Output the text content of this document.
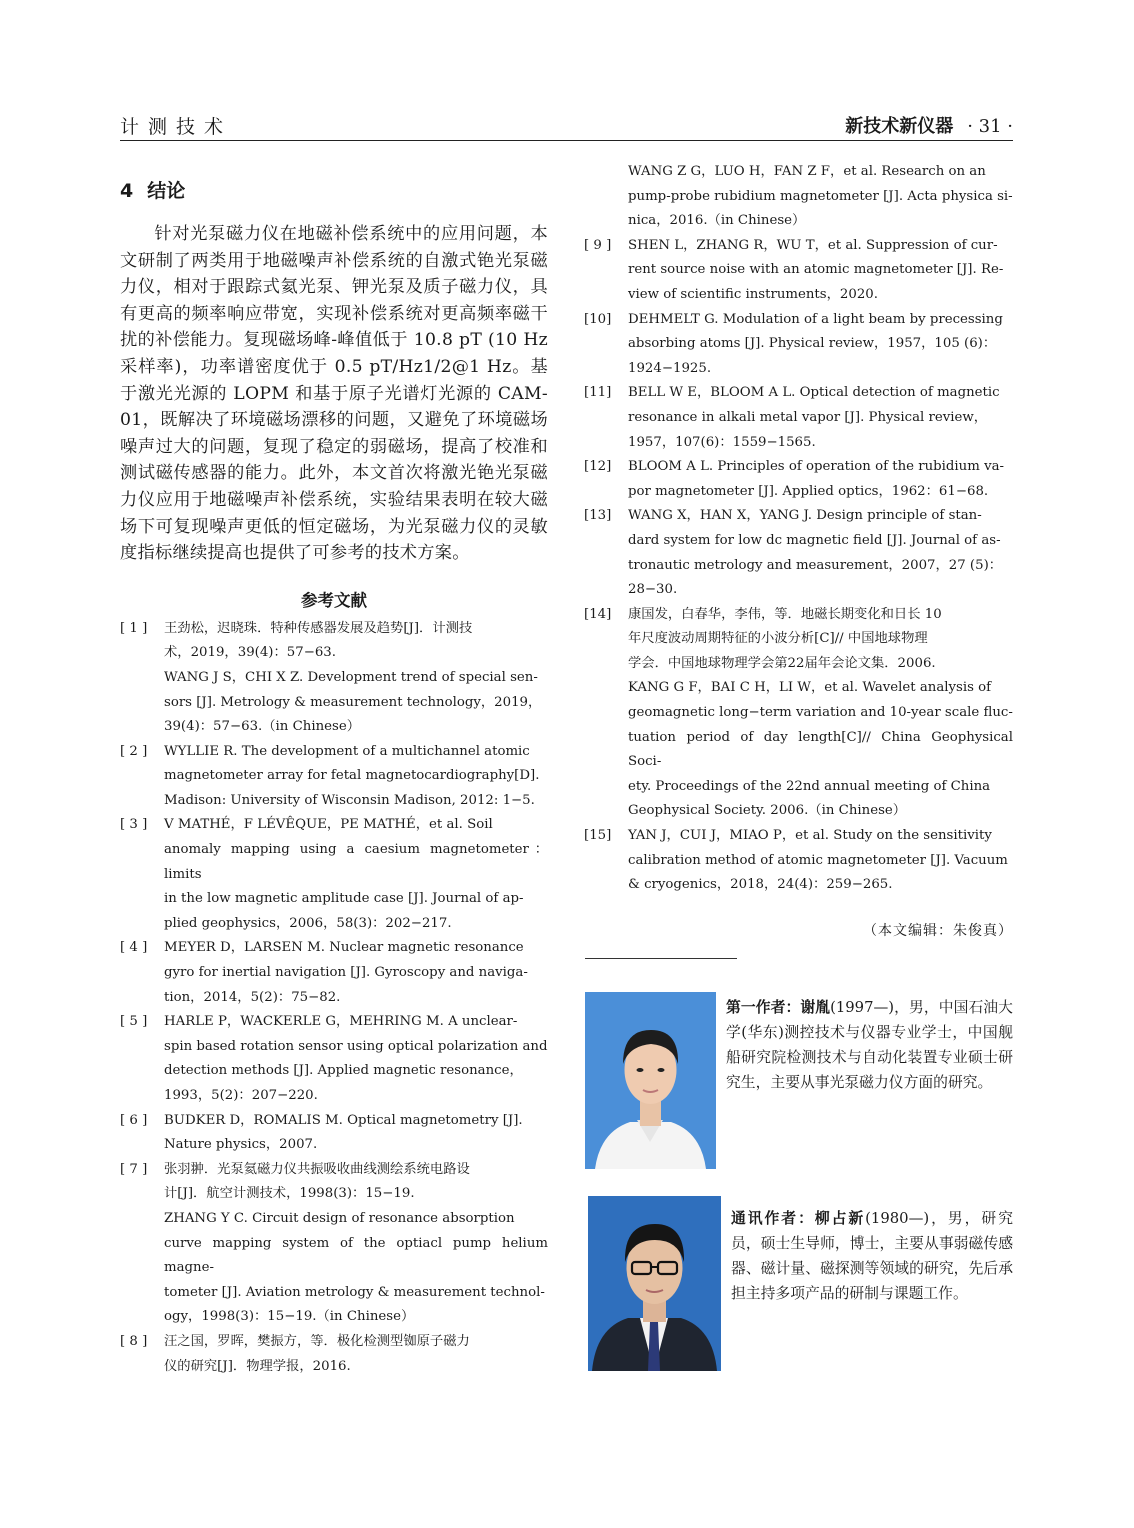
计测技术	新技术新仪器 · 31 ·
4 结论

针对光泵磁力仪在地磁补偿系统中的应用问题，本文研制了两类用于地磁噪声补偿系统的自激式铯光泵磁力仪，相对于跟踪式氦光泵、钾光泵及质子磁力仪，具有更高的频率响应带宽，实现补偿系统对更高频率磁干扰的补偿能力。复现磁场峰-峰值低于 10.8 pT (10 Hz 采样率)，功率谱密度优于 0.5 pT/Hz1/2@1 Hz。基于激光光源的 LOPM 和基于原子光谱灯光源的 CAM-01，既解决了环境磁场漂移的问题，又避免了环境磁场噪声过大的问题，复现了稳定的弱磁场，提高了校准和测试磁传感器的能力。此外，本文首次将激光铯光泵磁力仪应用于地磁噪声补偿系统，实验结果表明在较大磁场下可复现噪声更低的恒定磁场，为光泵磁力仪的灵敏度指标继续提高也提供了可参考的技术方案。

参考文献
[ 1 ] 王劲松，迟晓珠．特种传感器发展及趋势[J]．计测技
术，2019，39(4)：57−63.
WANG J S，CHI X Z. Development trend of special sen-
sors [J]. Metrology & measurement technology，2019，
39(4)：57−63.（in Chinese）
[ 2 ] WYLLIE R. The development of a multichannel atomic
magnetometer array for fetal magnetocardiography[D].
Madison: University of Wisconsin Madison, 2012: 1−5.
[ 3 ] V MATHÉ，F LÉVÊQUE，PE MATHÉ，et al. Soil
anomaly mapping using a caesium magnetometer：limits
in the low magnetic amplitude case [J]. Journal of ap-
plied geophysics，2006，58(3)：202−217.
[ 4 ] MEYER D，LARSEN M. Nuclear magnetic resonance
gyro for inertial navigation [J]. Gyroscopy and naviga-
tion，2014，5(2)：75−82.
[ 5 ] HARLE P，WACKERLE G，MEHRING M. A unclear-
spin based rotation sensor using optical polarization and
detection methods [J]. Applied magnetic resonance，
1993，5(2)：207−220.
[ 6 ] BUDKER D，ROMALIS M. Optical magnetometry [J].
Nature physics，2007.
[ 7 ] 张羽翀．光泵氦磁力仪共振吸收曲线测绘系统电路设
计[J]．航空计测技术，1998(3)：15−19.
ZHANG Y C. Circuit design of resonance absorption
curve mapping system of the optiacl pump helium magne-
tometer [J]. Aviation metrology & measurement technol-
ogy，1998(3)：15−19.（in Chinese）
[ 8 ] 汪之国，罗晖，樊振方，等．极化检测型铷原子磁力
仪的研究[J]．物理学报，2016.
WANG Z G，LUO H，FAN Z F，et al. Research on an
pump-probe rubidium magnetometer [J]. Acta physica si-
nica，2016.（in Chinese）
[ 9 ] SHEN L，ZHANG R，WU T，et al. Suppression of cur-
rent source noise with an atomic magnetometer [J]. Re-
view of scientific instruments，2020.
[10] DEHMELT G. Modulation of a light beam by precessing
absorbing atoms [J]. Physical review，1957，105 (6)：
1924−1925.
[11] BELL W E，BLOOM A L. Optical detection of magnetic
resonance in alkali metal vapor [J]. Physical review，
1957，107(6)：1559−1565.
[12] BLOOM A L. Principles of operation of the rubidium va-
por magnetometer [J]. Applied optics，1962：61−68.
[13] WANG X，HAN X，YANG J. Design principle of stan-
dard system for low dc magnetic field [J]. Journal of as-
tronautic metrology and measurement，2007，27 (5)：
28−30.
[14] 康国发，白春华，李伟，等．地磁长期变化和日长 10
年尺度波动周期特征的小波分析[C]// 中国地球物理
学会．中国地球物理学会第22届年会论文集．2006.
KANG G F，BAI C H，LI W，et al. Wavelet analysis of
geomagnetic long−term variation and 10-year scale fluc-
tuation period of day length[C]// China Geophysical Soci-
ety. Proceedings of the 22nd annual meeting of China
Geophysical Society. 2006.（in Chinese）
[15] YAN J，CUI J，MIAO P，et al. Study on the sensitivity
calibration method of atomic magnetometer [J]. Vacuum
& cryogenics，2018，24(4)：259−265.
（本文编辑：朱俊真）
第一作者：谢胤(1997—)，男，中国石油大学(华东)测控技术与仪器专业学士，中国舰船研究院检测技术与自动化装置专业硕士研究生，主要从事光泵磁力仪方面的研究。
通讯作者：柳占新(1980—)，男，研究员，硕士生导师，博士，主要从事弱磁传感器、磁计量、磁探测等领域的研究，先后承担主持多项产品的研制与课题工作。
